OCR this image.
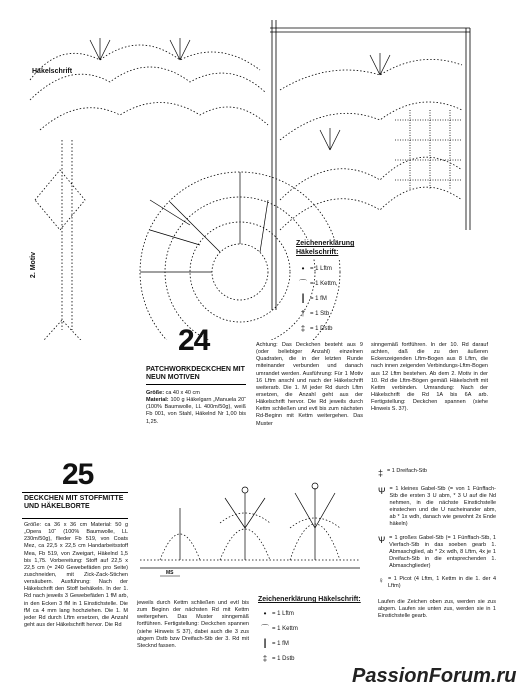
Häkelschrift
2. Motiv
Zeichenerklärung Häkelschrift:
• = 1 Lftm
⌒ = 1 Kettm,
┃ = 1 fM
† = 1 Stb
‡ = 1 Dstb
24
PATCHWORKDECKCHEN MIT NEUN MOTIVEN
Größe: ca 40 x 40 cm
Material: 100 g Häkelgarn „Manuela 20“ (100% Baumwolle, LL 400m/50g), weiß Fb 001, von Stahl, Häkelnd Nr 1,00 bis 1,25.
Achtung: Das Deckchen besteht aus 9 (oder beliebiger Anzahl) einzelnen Quadraten, die in der letzten Runde miteinander verbunden und danach umrandet werden. Ausführung: Für 1 Motiv 16 Lftm anschl und nach der Häkelschrift weiterarb. Die 1. M jeder Rd durch Lftm ersetzen, die Anzahl geht aus der Häkelschrift hervor. Die Rd jeweils durch Kettm schließen und evtl bis zum nächsten Rd-Beginn mit Kettm weitergehen. Das Muster
sinngemäß fortführen. In der 10. Rd darauf achten, daß die zu den äußeren Eckenzeigenden Lftm-Bogen aus 8 Lftm, die nach innen zeigenden Verbindungs-Lftm-Bogen aus 12 Lftm bestehen. Ab dem 2. Motiv in der 10. Rd die Lftm-Bögen gemäß Häkelschrift mit Kettm verbinden. Umrandung: Nach der Häkelschrift die Rd 1A bis 6A arb. Fertigstellung: Deckchen spannen (siehe Hinweis S. 37).
25
DECKCHEN MIT STOFFMITTE UND HÄKELBORTE
Größe: ca 36 x 36 cm Material: 50 g „Opera 10“ (100% Baumwolle, LL 230m/50g), flieder Fb 519, von Coats Mez, ca 22,5 x 22,5 cm Handarbeitsstoff Mea, Fb 519, von Zweigart, Häkelnd 1,5 bis 1,75. Vorbereitung: Stoff auf 22,5 x 22,5 cm (= 240 Gewebefäden pro Seite) zuschneiden, mit Zick-Zack-Stichen versäubern. Ausführung: Nach der Häkelschrift den Stoff behäkeln. In der 1. Rd nach jeweils 3 Gewebefäden 1 fM arb, in den Ecken 3 fM in 1 Einstichstelle. Die fM ca 4 mm lang hochziehen. Die 1. M jeder Rd durch Lftm ersetzen, die Anzahl geht aus der Häkelschrift hervor. Die Rd
jeweils durch Kettm schließen und evtl bis zum Beginn der nächsten Rd mit Kettm weitergehen. Das Muster sinngemäß fortführen. Fertigstellung: Deckchen spannen (siehe Hinweis S 37), dabei auch die 3 zus abgem Dstb bzw Dreifach-Stb der 3. Rd mit Stecknd fassen.
MS
Zeichenerklärung Häkelschrift:
• = 1 Lftm
⌒ = 1 Kettm
┃ = 1 fM
‡ = 1 Dstb
‡ = 1 Dreifach-Stb
Ψ = 1 kleines Gabel-Stb (= von 1 Fünffach-Stb die ersten 3 U abm, * 3 U auf die Nd nehmen, in die nächste Einstichstelle einstechen und die U nacheinander abm, ab * 1x wdh, danach wie gewohnt 2x Ende häkeln)
Ѱ = 1 großes Gabel-Stb (= 1 Fünffach-Stb, 1 Vierfach-Stb in das soeben gearb 1. Abmaschglied, ab * 2x wdh, 8 Lftm, 4x je 1 Dreifach-Stb in die entsprechenden 1. Abmaschglieder)
♀ = 1 Picot (4 Lftm, 1 Kettm in die 1. der 4 Lftm)
Laufen die Zeichen oben zus, werden sie zus abgem. Laufen sie unten zus, werden sie in 1 Einstichstelle gearb.
PassionForum.ru
